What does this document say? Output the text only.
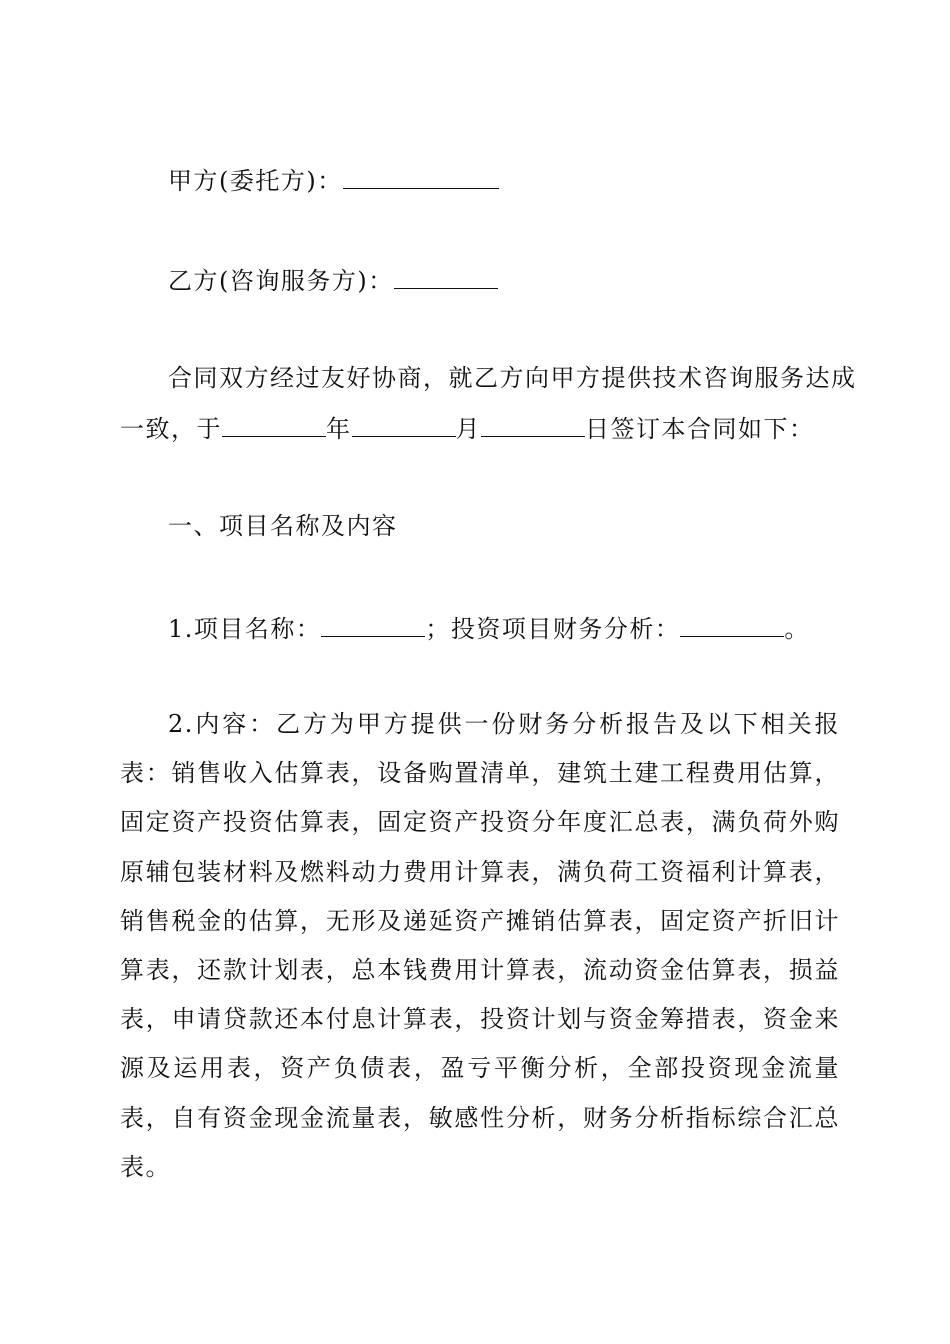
甲方(委托方)：
乙方(咨询服务方)：
合同双方经过友好协商，就乙方向甲方提供技术咨询服务达成
一致，于	年	月	日签订本合同如下：
一、项目名称及内容
1.项目名称：	；投资项目财务分析：	。
2.内容：乙方为甲方提供一份财务分析报告及以下相关报表：销售收入估算表，设备购置清单，建筑土建工程费用估算，固定资产投资估算表，固定资产投资分年度汇总表，满负荷外购原辅包装材料及燃料动力费用计算表，满负荷工资福利计算表，销售税金的估算，无形及递延资产摊销估算表，固定资产折旧计算表，还款计划表，总本钱费用计算表，流动资金估算表，损益表，申请贷款还本付息计算表，投资计划与资金筹措表，资金来源及运用表，资产负债表，盈亏平衡分析，全部投资现金流量表，自有资金现金流量表，敏感性分析，财务分析指标综合汇总表。
